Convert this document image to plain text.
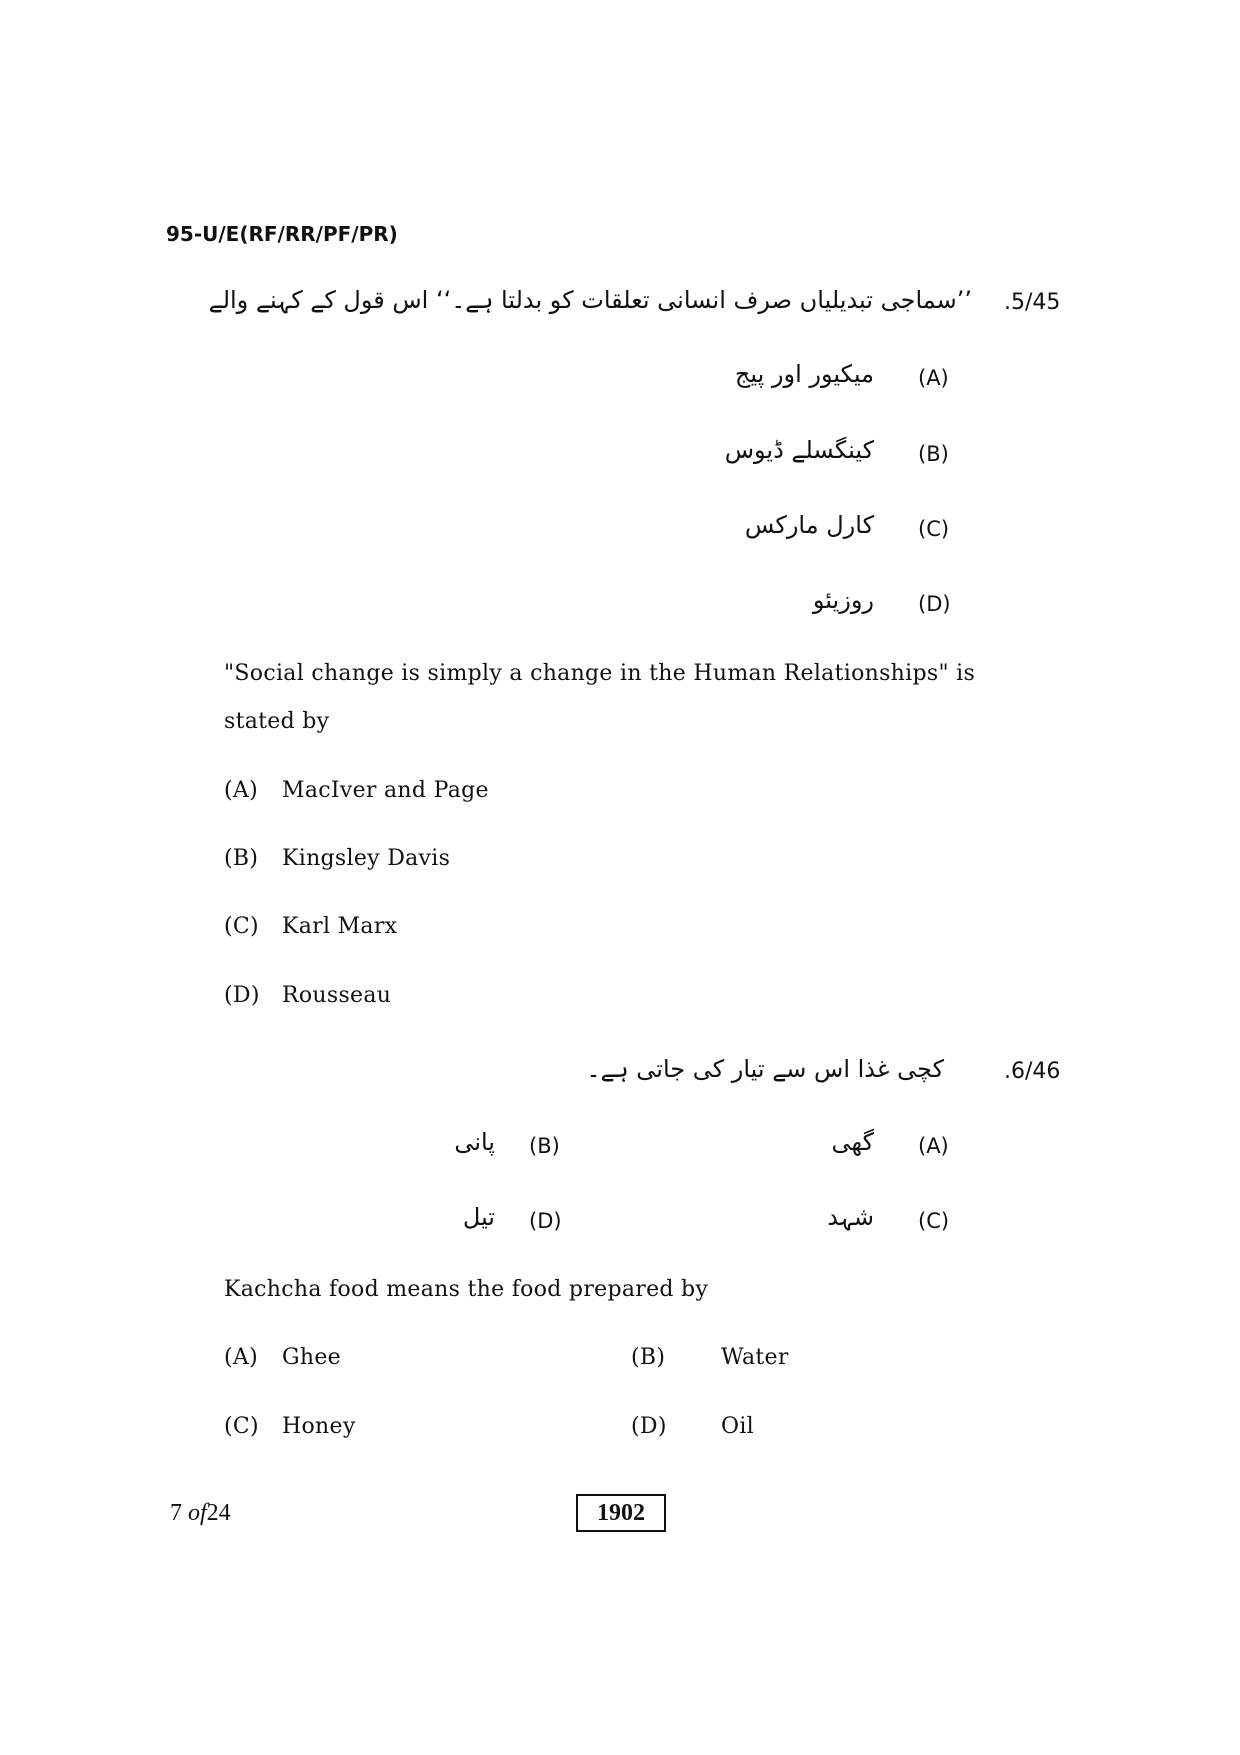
95-U/E(RF/RR/PF/PR)
.5/45
’’سماجی تبدیلیاں صرف انسانی تعلقات کو بدلتا ہے۔‘‘ اس قول کے کہنے والے
(A)
میکیور اور پیج
(B)
کینگسلے ڈیوس
(C)
کارل مارکس
(D)
روزیئو
"Social change is simply a change in the Human Relationships" is
stated by
(A) MacIver and Page
(B) Kingsley Davis
(C) Karl Marx
(D) Rousseau
.6/46
کچی غذا اس سے تیار کی جاتی ہے۔
(A)
گھی
(B)
پانی
(C)
شہد
(D)
تیل
Kachcha food means the food prepared by
(A) Ghee	(B)	Water
(C) Honey	(D) Oil
7 of24	1902
